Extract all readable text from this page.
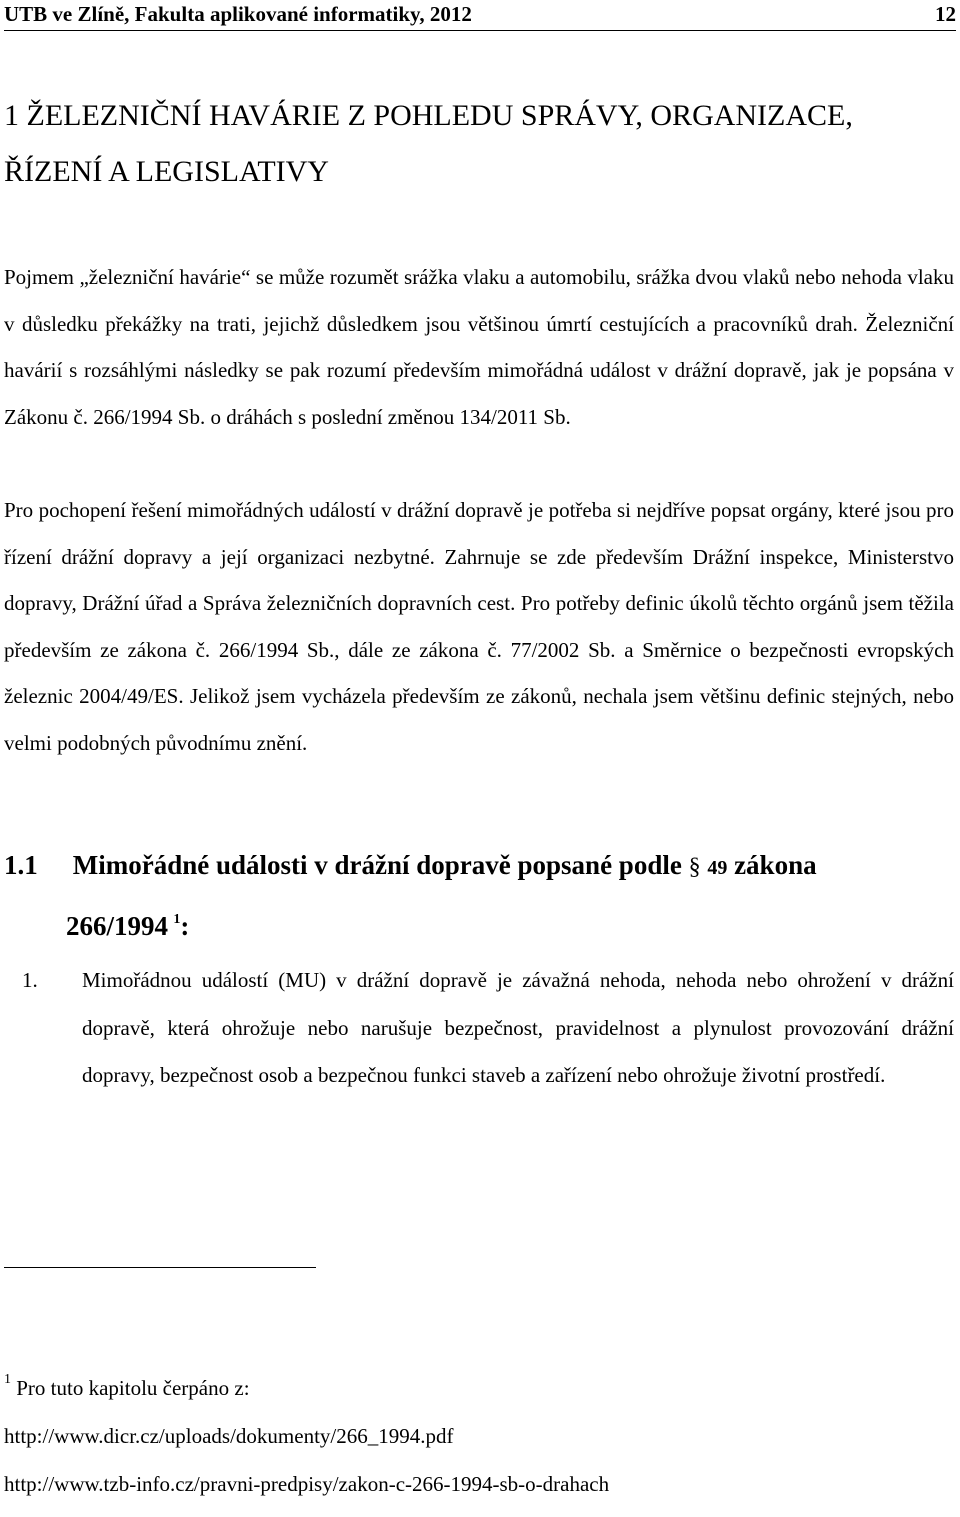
UTB ve Zlíně, Fakulta aplikované informatiky, 2012	12
1 ŽELEZNIČNÍ HAVÁRIE Z POHLEDU SPRÁVY, ORGANIZACE,
ŘÍZENÍ A LEGISLATIVY

Pojmem „železniční havárie“ se může rozumět srážka vlaku a automobilu, srážka dvou vlaků nebo nehoda vlaku v důsledku překážky na trati, jejichž důsledkem jsou většinou úmrtí cestujících a pracovníků drah. Železniční havárií s rozsáhlými následky se pak rozumí především mimořádná událost v drážní dopravě, jak je popsána v Zákonu č. 266/1994 Sb. o dráhách s poslední změnou 134/2011 Sb.

Pro pochopení řešení mimořádných událostí v drážní dopravě je potřeba si nejdříve popsat orgány, které jsou pro řízení drážní dopravy a její organizaci nezbytné. Zahrnuje se zde především Drážní inspekce, Ministerstvo dopravy, Drážní úřad a Správa železničních dopravních cest. Pro potřeby definic úkolů těchto orgánů jsem těžila především ze zákona č. 266/1994 Sb., dále ze zákona č. 77/2002 Sb. a Směrnice o bezpečnosti evropských železnic 2004/49/ES. Jelikož jsem vycházela především ze zákonů, nechala jsem většinu definic stejných, nebo velmi podobných původnímu znění.

1.1 Mimořádné události v drážní dopravě popsané podle § 49 zákona
266/1994  $^1$:
1. Mimořádnou událostí (MU) v drážní dopravě je závažná nehoda, nehoda nebo ohrožení v drážní dopravě, která ohrožuje nebo narušuje bezpečnost, pravidelnost a plynulost provozování drážní dopravy, bezpečnost osob a bezpečnou funkci staveb a zařízení nebo ohrožuje životní prostředí.
$^1$ Pro tuto kapitolu čerpáno z:
http://www.dicr.cz/uploads/dokumenty/266_1994.pdf
http://www.tzb-info.cz/pravni-predpisy/zakon-c-266-1994-sb-o-drahach
